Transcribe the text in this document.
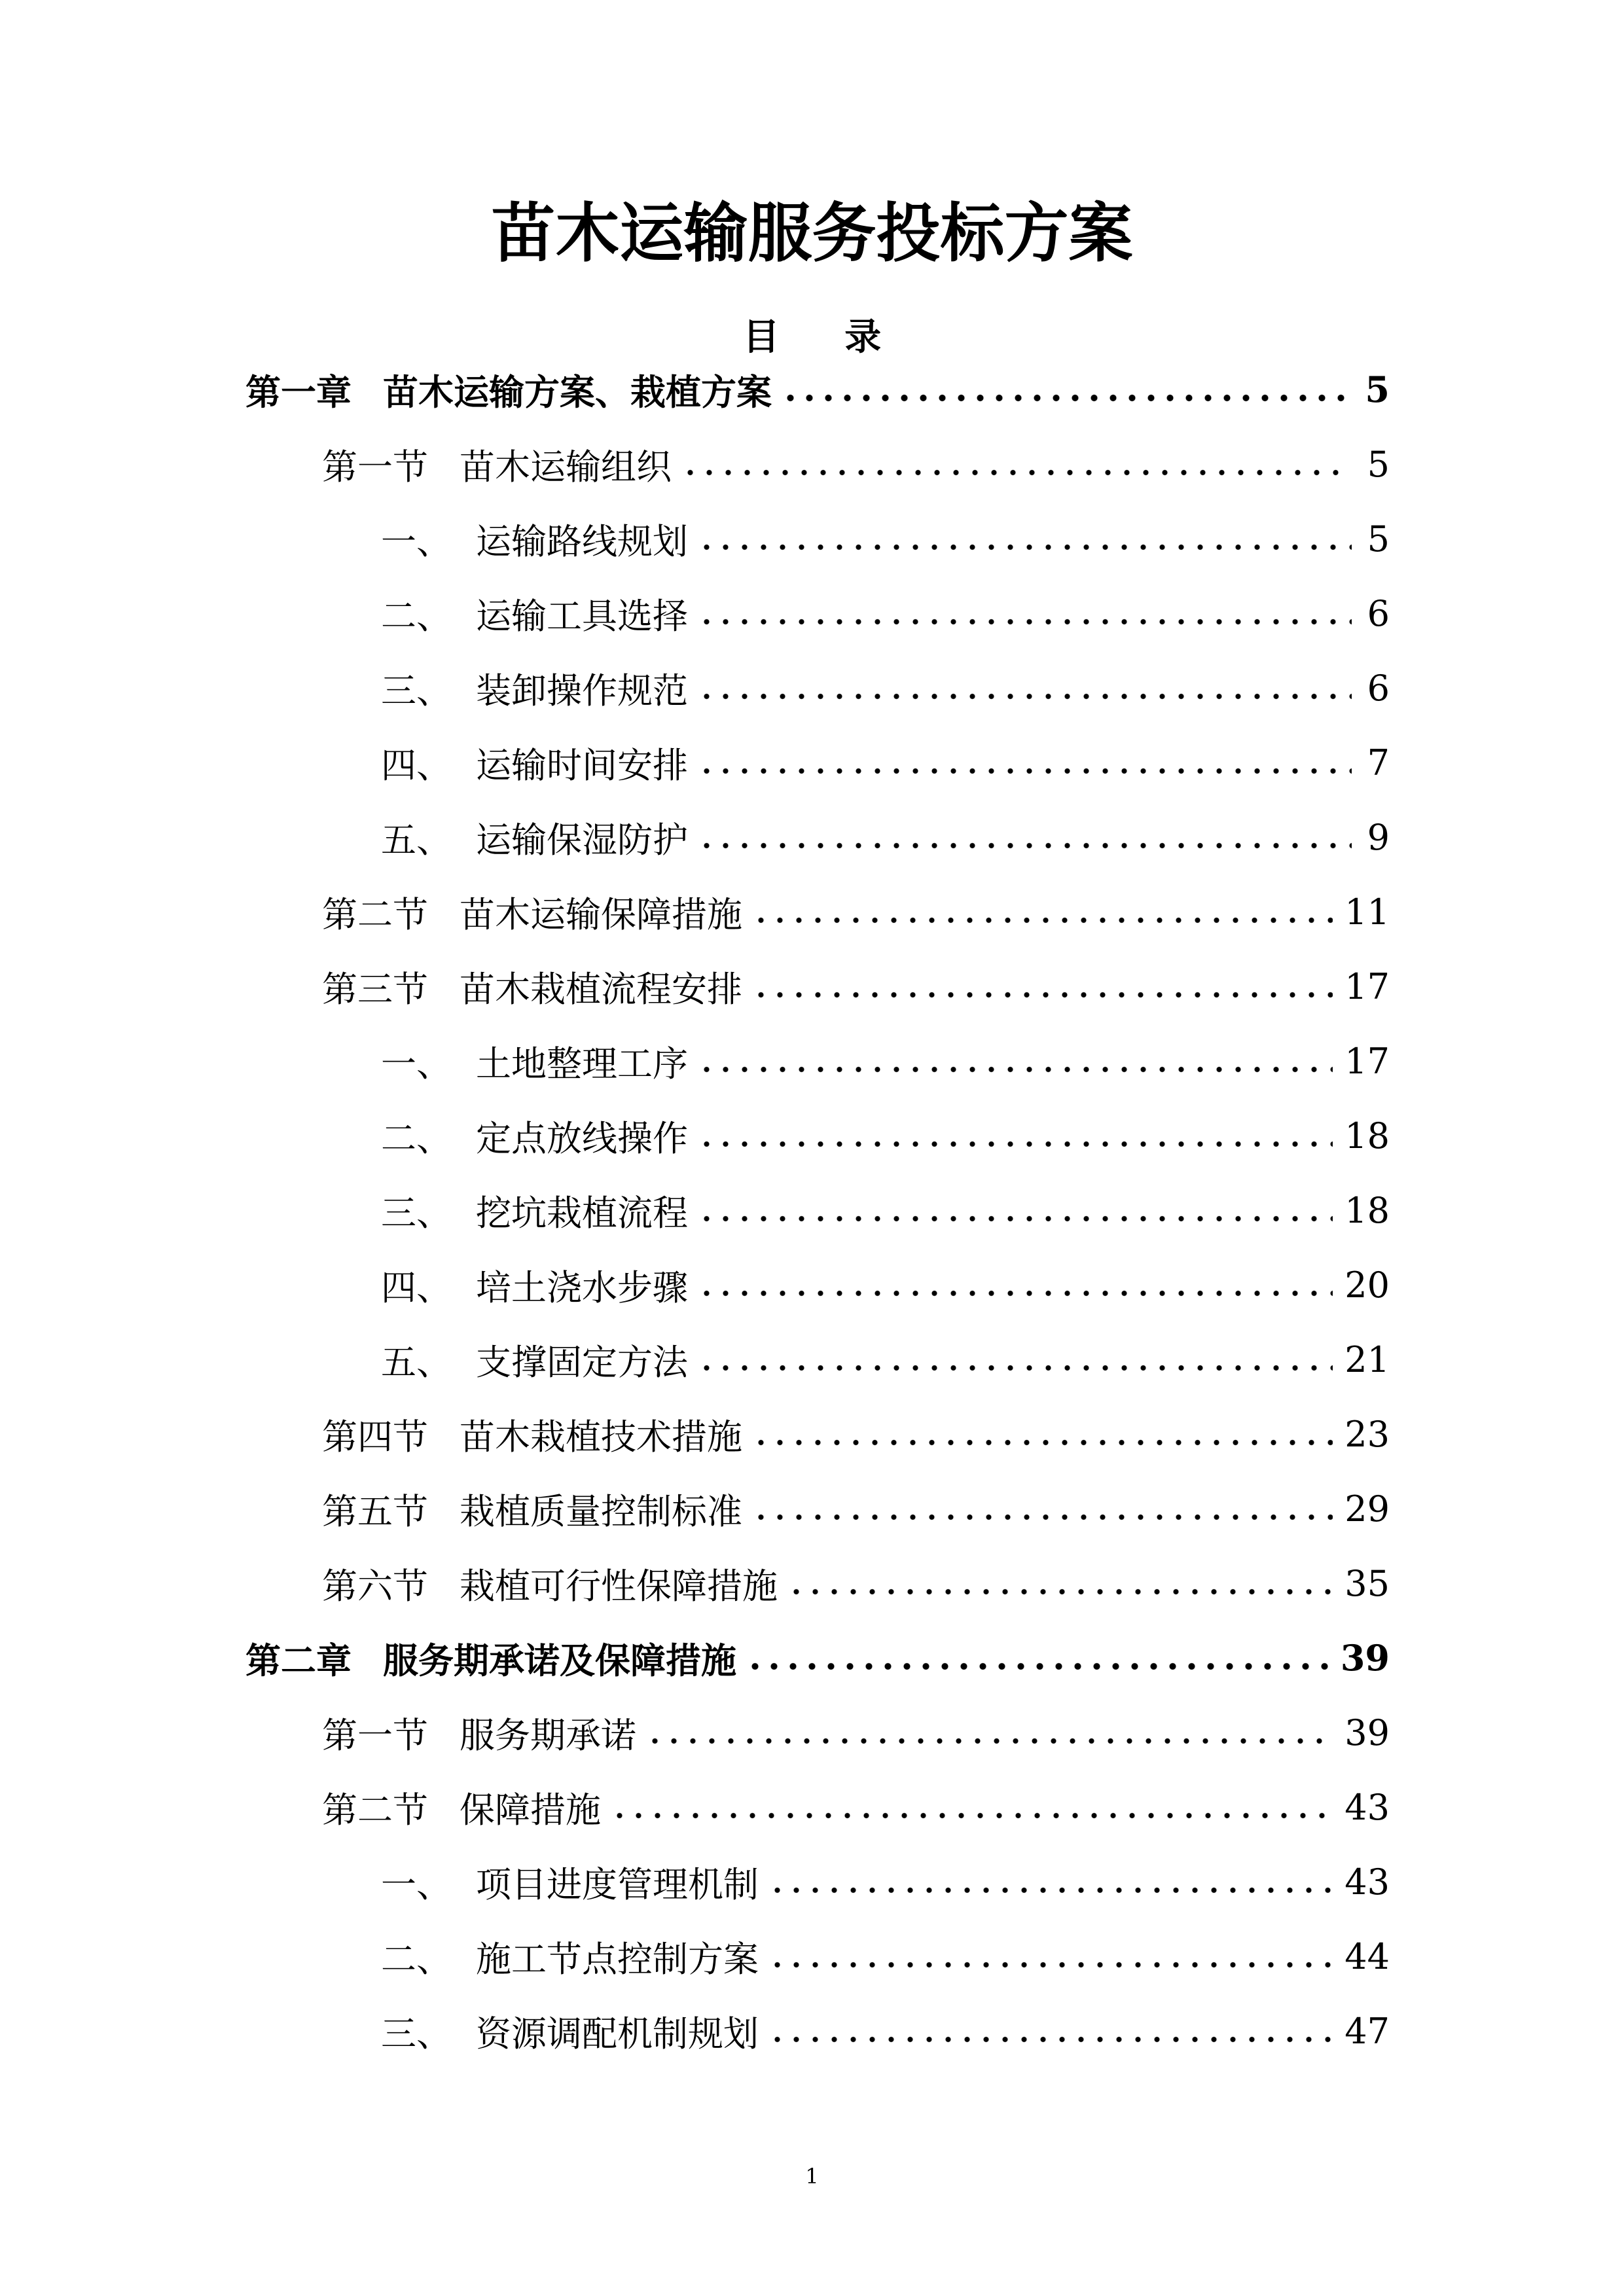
苗木运输服务投标方案
目 录
第一章 苗木运输方案、栽植方案	5
第一节 苗木运输组织	5
一、 运输路线规划	5
二、 运输工具选择	6
三、 装卸操作规范	6
四、 运输时间安排	7
五、 运输保湿防护	9
第二节 苗木运输保障措施	11
第三节 苗木栽植流程安排	17
一、 土地整理工序	17
二、 定点放线操作	18
三、 挖坑栽植流程	18
四、 培土浇水步骤	20
五、 支撑固定方法	21
第四节 苗木栽植技术措施	23
第五节 栽植质量控制标准	29
第六节 栽植可行性保障措施	35
第二章 服务期承诺及保障措施	39
第一节 服务期承诺	39
第二节 保障措施	43
一、 项目进度管理机制	43
二、 施工节点控制方案	44
三、 资源调配机制规划	47
1
